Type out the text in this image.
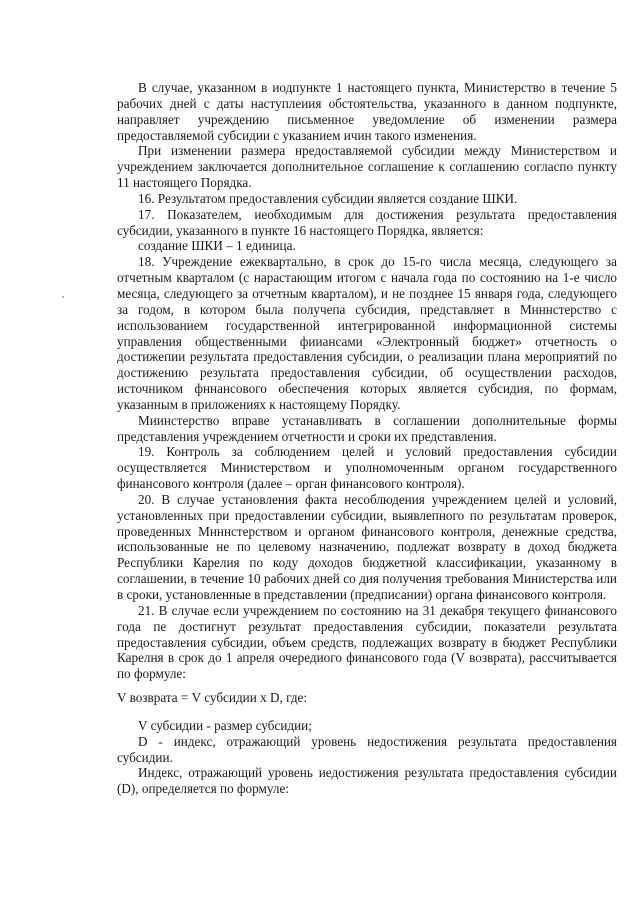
В случае, указанном в иодпункте 1 настоящего пункта, Министерство в течение 5 рабочих дней с даты наступлеиия обстоятельства, указанного в данном подпункте, направляет учреждению письменное уведомление об изменении размера предоставляемой субсидии с указанием ичин такого изменения.

При изменении размера нредоставляемой субсидии между Министерством и учреждением заключается дополнительное соглашение к соглашению согласпо пункту 11 настоящего Порядка.

16. Результатом предоставления субсидии является создание ШКИ.

17. Показателем, иеобходимым для достижения результата предоставления субсидии, указанного в пункте 16 настоящего Порядка, является:

создание ШКИ – 1 единица.

18. Учреждение ежеквартально, в срок до 15-го числа месяца, следующего за отчетным кварталом (с нарастающим итогом с начала года по состоянию на 1-е число месяца, следующего за отчетным кварталом), и не позднее 15 января года, следующего за годом, в котором была получепа субсидия, представляет в Мнннстерство с использованием государственной интегрированной информационной системы управления общественными фииансами «Электронный бюджет» отчетность о достижепии результата предоставления субсидии, о реализации плана мероприятий по достижению результата предоставления субсидии, об осуществлении расходов, источником фннансового обеспечения которых является субсидия, по формам, указанным в приложениях к настоящему Порядку.

Миинстерство вправе устанавливать в соглашении дополнительные формы представления учреждением отчетности и сроки их представления.

19. Контроль за соблюдением целей и условий предоставления субсидии осуществляется Министерством и уполномоченным органом государственного финансового контроля (далее – орган финансового контроля).

20. В случае установления факта несоблюдения учреждением целей и условий, установленных при предоставлении субсидии, выявлепного по результатам проверок, проведенных Мнннстерством и органом финансового контроля, денежные средства, использованные не по целевому назначению, подлежат возврату в доход бюджета Республики Карелия по коду доходов бюджетной классификации, указанному в соглашении, в течение 10 рабочих дней со дия получения требования Министерства или в сроки, установленные в представлении (предписании) органа финансового контроля.

21. В случае если учреждением по состоянию на 31 декабря текущего финансового года пе достигнут результат предоставления субсидии, показатели результата предоставления субсидии, объем средств, подлежащих возврату в бюджет Республики Карелня в срок до 1 апреля очередиого финансового года (V возврата), рассчитывается по формуле:

V возврата = V субсидии х D, где:

V субсидии - размер субсидии;

D - индекс, отражающий уровень недостижения результата предоставления субсидии.

Индекс, отражающий уровень иедостижения результата предоставления субсидии (D), определяется по формуле:
